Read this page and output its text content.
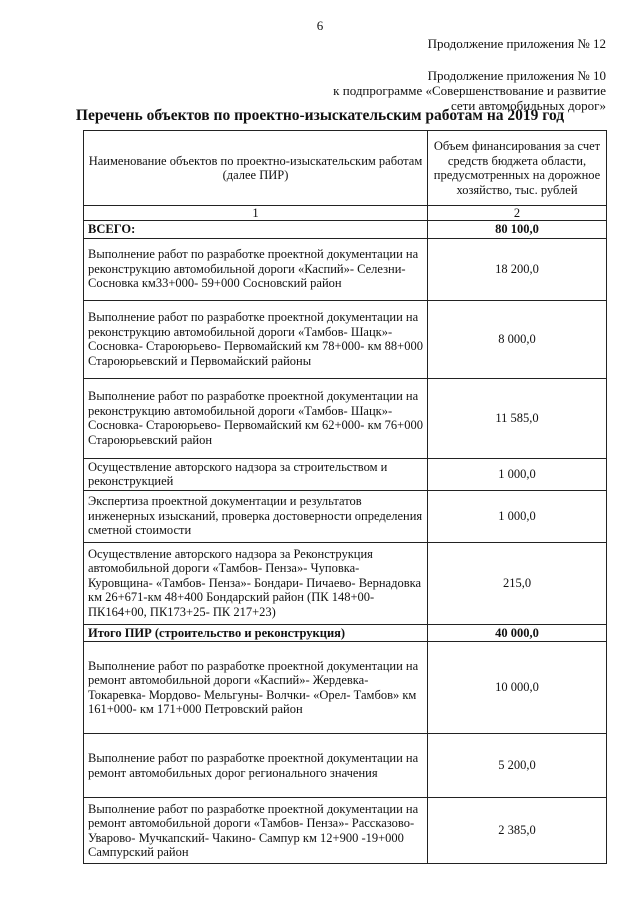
6
Продолжение приложения № 12
Продолжение приложения № 10
к подпрограмме «Совершенствование и развитие
сети автомобильных дорог»
Перечень объектов по проектно-изыскательским работам на 2019 год
Наименование объектов по проектно-изыскательским работам (далее ПИР)	Объем финансирования за счет средств бюджета области, предусмотренных на дорожное хозяйство, тыс. рублей
1	2
ВСЕГО:	80 100,0
Выполнение работ по разработке проектной документации на реконструкцию автомобильной дороги «Каспий»- Селезни- Сосновка км33+000- 59+000 Сосновский район	18 200,0
Выполнение работ по разработке проектной документации на реконструкцию автомобильной дороги «Тамбов- Шацк»-Сосновка- Староюрьево- Первомайский км 78+000- км 88+000 Староюрьевский и Первомайский районы	8 000,0
Выполнение работ по разработке проектной документации на реконструкцию автомобильной дороги «Тамбов- Шацк»-Сосновка- Староюрьево- Первомайский км 62+000- км 76+000 Староюрьевский район	11 585,0
Осуществление авторского надзора за строительством и реконструкцией	1 000,0
Экспертиза проектной документации и результатов инженерных изысканий, проверка достоверности определения сметной стоимости	1 000,0
Осуществление авторского надзора за Реконструкция автомобильной дороги «Тамбов- Пенза»- Чуповка- Куровщина- «Тамбов- Пенза»- Бондари- Пичаево- Вернадовка км 26+671-км 48+400 Бондарский район (ПК 148+00- ПК164+00, ПК173+25- ПК 217+23)	215,0
Итого ПИР (строительство и реконструкция)	40 000,0
Выполнение работ по разработке проектной документации на ремонт автомобильной дороги «Каспий»- Жердевка- Токаревка- Мордово- Мельгуны- Волчки- «Орел- Тамбов» км 161+000- км 171+000 Петровский район	10 000,0
Выполнение работ по разработке проектной документации на ремонт автомобильных дорог регионального значения	5 200,0
Выполнение работ по разработке проектной документации на ремонт автомобильной дороги «Тамбов- Пенза»- Рассказово- Уварово- Мучкапский- Чакино- Сампур км 12+900 -19+000 Сампурский район	2 385,0
